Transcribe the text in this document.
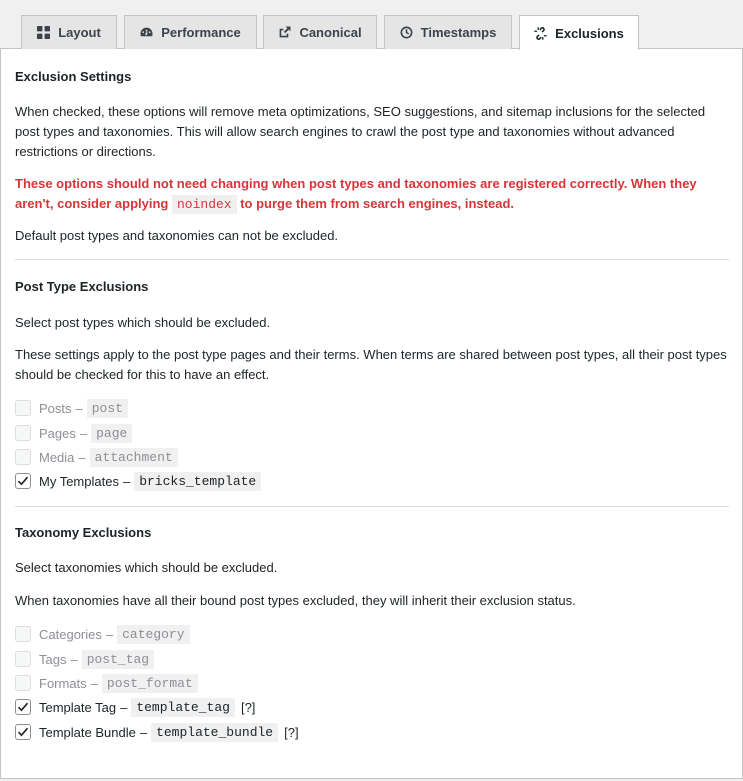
Layout	Performance	Canonical	Timestamps	Exclusions

Exclusion Settings

When checked, these options will remove meta optimizations, SEO suggestions, and sitemap inclusions for the selected post types and taxonomies. This will allow search engines to crawl the post type and taxonomies without advanced restrictions or directions.

These options should not need changing when post types and taxonomies are registered correctly. When they aren't, consider applying noindex to purge them from search engines, instead.

Default post types and taxonomies can not be excluded.

Post Type Exclusions

Select post types which should be excluded.

These settings apply to the post type pages and their terms. When terms are shared between post types, all their post types should be checked for this to have an effect.

Posts – post
Pages – page
Media – attachment
My Templates – bricks_template

Taxonomy Exclusions

Select taxonomies which should be excluded.

When taxonomies have all their bound post types excluded, they will inherit their exclusion status.

Categories – category
Tags – post_tag
Formats – post_format
Template Tag – template_tag [?]
Template Bundle – template_bundle [?]
